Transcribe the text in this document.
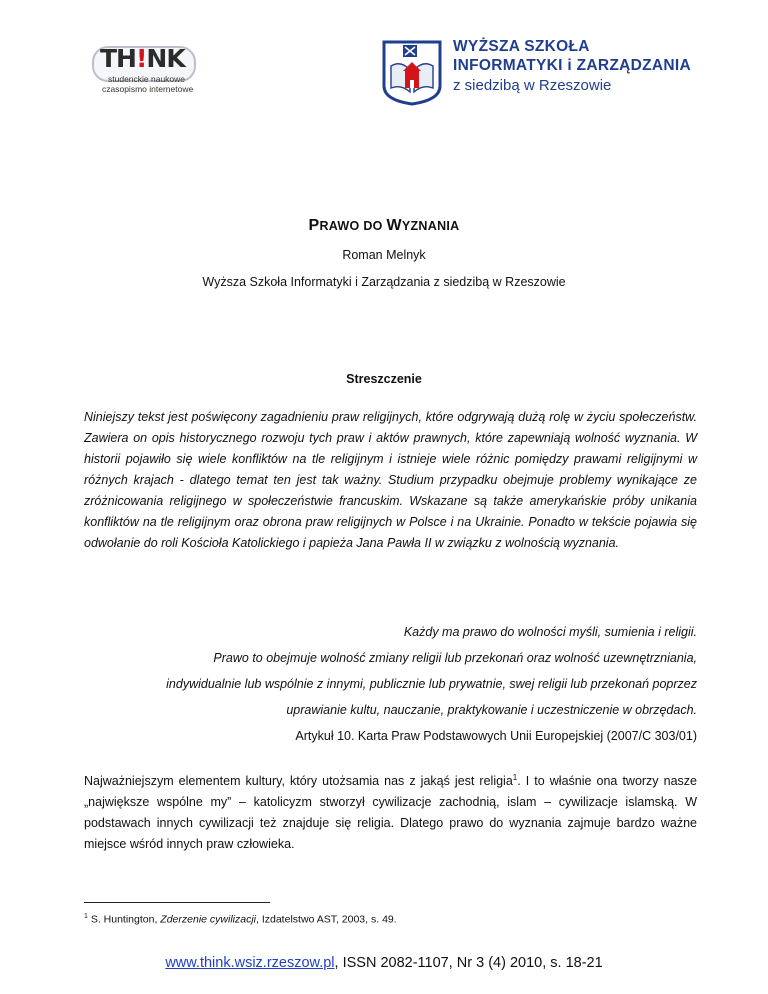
TH!NK
studenckie naukowe
czasopismo internetowe
WYŻSZA SZKOŁA
INFORMATYKI i ZARZĄDZANIA
z siedzibą w Rzeszowie
PRAWO DO WYZNANIA
Roman Melnyk
Wyższa Szkoła Informatyki i Zarządzania z siedzibą w Rzeszowie
Streszczenie

Niniejszy tekst jest poświęcony zagadnieniu praw religijnych, które odgrywają dużą rolę w życiu społeczeństw. Zawiera on opis historycznego rozwoju tych praw i aktów prawnych, które zapewniają wolność wyznania. W historii pojawiło się wiele konfliktów na tle religijnym i istnieje wiele różnic pomiędzy prawami religijnymi w różnych krajach - dlatego temat ten jest tak ważny. Studium przypadku obejmuje problemy wynikające ze zróżnicowania religijnego w społeczeństwie francuskim. Wskazane są także amerykańskie próby unikania konfliktów na tle religijnym oraz obrona praw religijnych w Polsce i na Ukrainie. Ponadto w tekście pojawia się odwołanie do roli Kościoła Katolickiego i papieża Jana Pawła II w związku z wolnością wyznania.

Każdy ma prawo do wolności myśli, sumienia i religii.
Prawo to obejmuje wolność zmiany religii lub przekonań oraz wolność uzewnętrzniania,
indywidualnie lub wspólnie z innymi, publicznie lub prywatnie, swej religii lub przekonań poprzez
uprawianie kultu, nauczanie, praktykowanie i uczestniczenie w obrzędach.
Artykuł 10. Karta Praw Podstawowych Unii Europejskiej (2007/C 303/01)

Najważniejszym elementem kultury, który utożsamia nas z jakąś jest religia$^1$. I to właśnie ona tworzy nasze „największe wspólne my” – katolicyzm stworzył cywilizacje zachodnią, islam – cywilizacje islamską. W podstawach innych cywilizacji też znajduje się religia. Dlatego prawo do wyznania zajmuje bardzo ważne miejsce wśród innych praw człowieka.

$^1$ S. Huntington, Zderzenie cywilizacji, Izdatelstwo AST, 2003, s. 49.
www.think.wsiz.rzeszow.pl, ISSN 2082-1107, Nr 3 (4) 2010, s. 18-21
